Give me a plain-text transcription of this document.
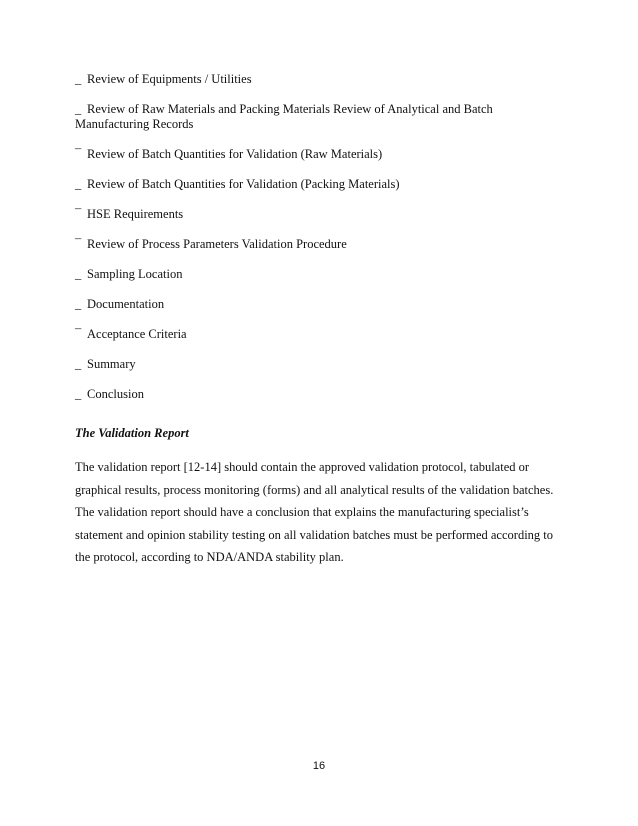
_ Review of Equipments / Utilities
_ Review of Raw Materials and Packing Materials Review of Analytical and Batch
Manufacturing Records
¯ Review of Batch Quantities for Validation (Raw Materials)
_ Review of Batch Quantities for Validation (Packing Materials)
¯ HSE Requirements
¯ Review of Process Parameters Validation Procedure
_ Sampling Location
_ Documentation
¯ Acceptance Criteria
_ Summary
_ Conclusion
The Validation Report

The validation report [12-14] should contain the approved validation protocol, tabulated or
graphical results, process monitoring (forms) and all analytical results of the validation batches.
The validation report should have a conclusion that explains the manufacturing specialist’s
statement and opinion stability testing on all validation batches must be performed according to
the protocol, according to NDA/ANDA stability plan.

16
